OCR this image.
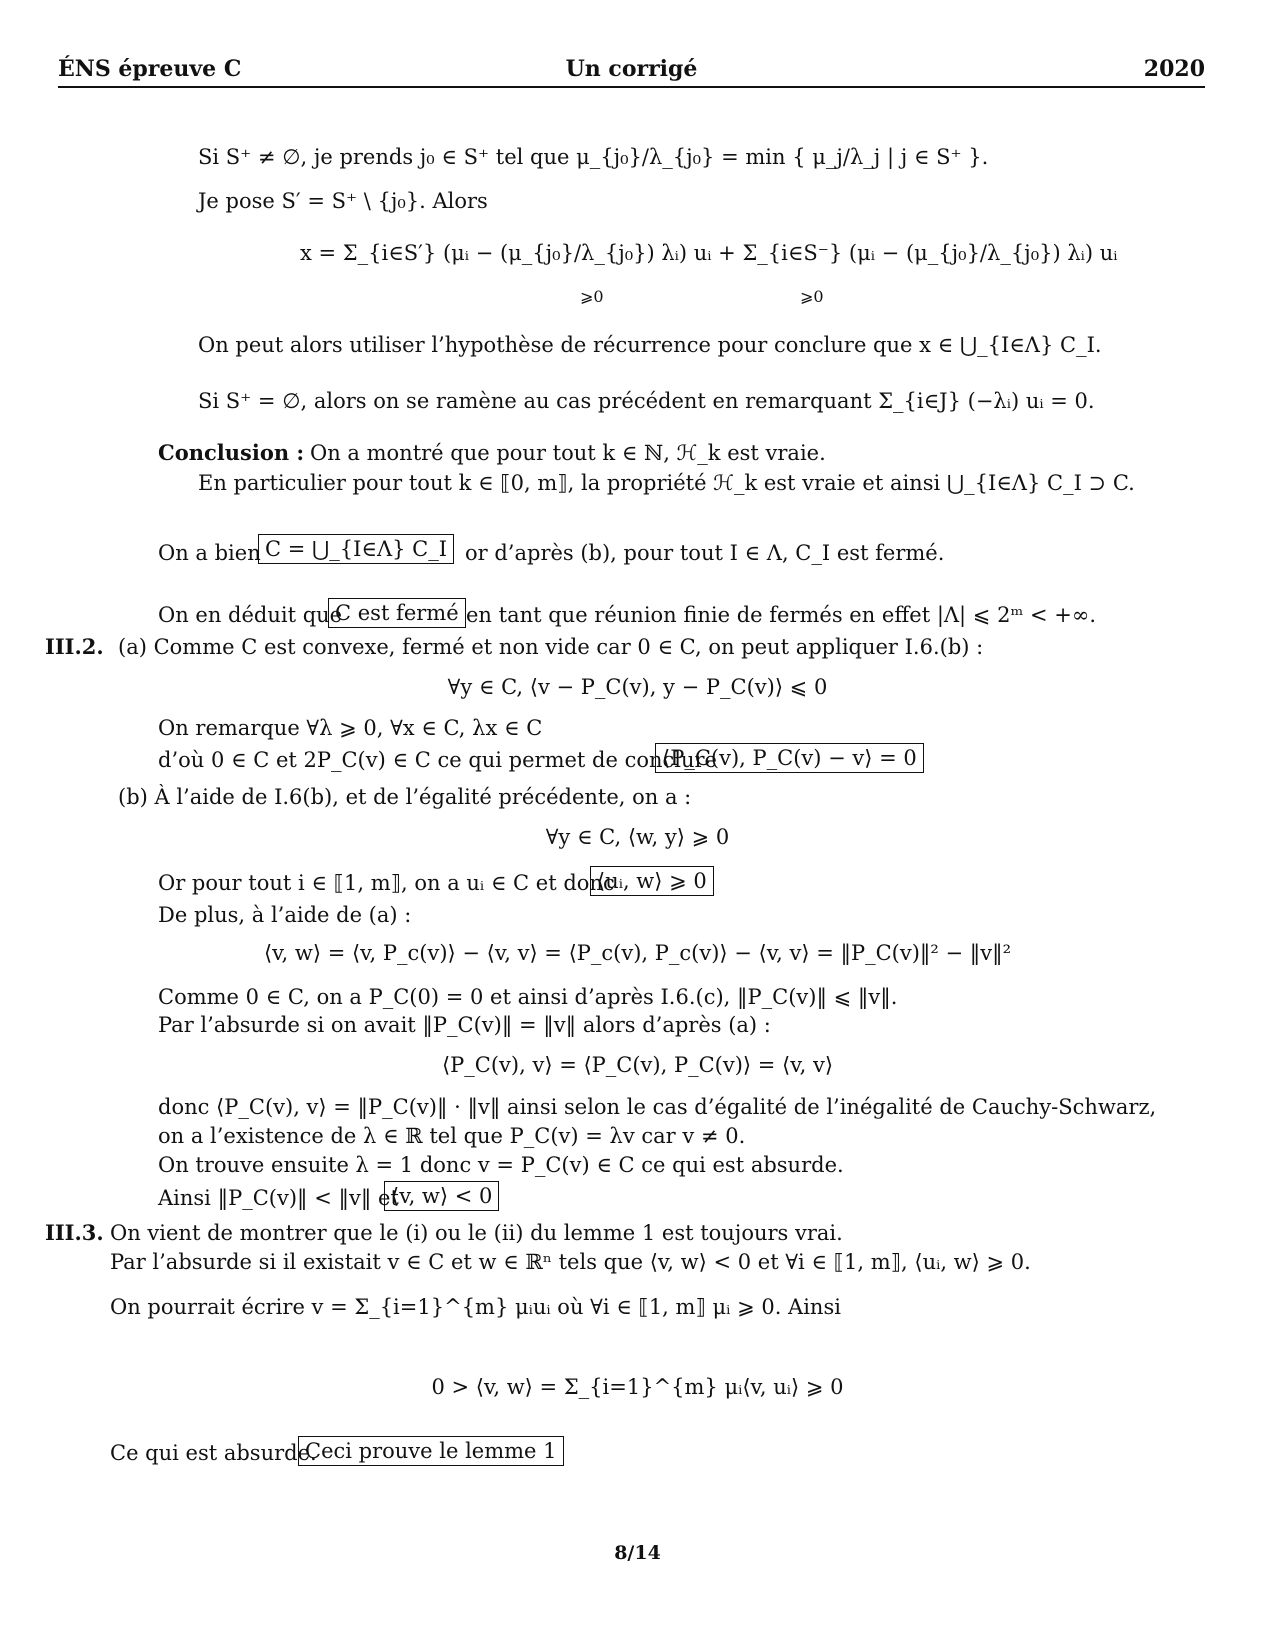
ÉNS épreuve C	Un corrigé	2020
Si S⁺ ≠ ∅, je prends j₀ ∈ S⁺ tel que μ_{j₀}/λ_{j₀} = min { μ_j/λ_j | j ∈ S⁺ }.
Je pose S′ = S⁺ \ {j₀}. Alors
x = Σ_{i∈S′} (μᵢ − (μ_{j₀}/λ_{j₀}) λᵢ) uᵢ + Σ_{i∈S⁻} (μᵢ − (μ_{j₀}/λ_{j₀}) λᵢ) uᵢ
⩾0	⩾0
On peut alors utiliser l’hypothèse de récurrence pour conclure que x ∈ ⋃_{I∈Λ} C_I.
Si S⁺ = ∅, alors on se ramène au cas précédent en remarquant Σ_{i∈J} (−λᵢ) uᵢ = 0.
Conclusion : On a montré que pour tout k ∈ ℕ, ℋ_k est vraie.
En particulier pour tout k ∈ ⟦0, m⟧, la propriété ℋ_k est vraie et ainsi ⋃_{I∈Λ} C_I ⊃ C.
On a bien C = ⋃_{I∈Λ} C_I or d’après (b), pour tout I ∈ Λ, C_I est fermé.
On en déduit que
C est fermé en tant que réunion finie de fermés en effet |Λ| ⩽ 2ᵐ < +∞.
III.2. (a) Comme C est convexe, fermé et non vide car 0 ∈ C, on peut appliquer I.6.(b) :
∀y ∈ C, ⟨v − P_C(v), y − P_C(v)⟩ ⩽ 0
On remarque ∀λ ⩾ 0, ∀x ∈ C, λx ∈ C
d’où 0 ∈ C et 2P_C(v) ∈ C ce qui permet de conclure
⟨P_C(v), P_C(v) − v⟩ = 0
(b) À l’aide de I.6(b), et de l’égalité précédente, on a :
∀y ∈ C, ⟨w, y⟩ ⩾ 0
Or pour tout i ∈ ⟦1, m⟧, on a uᵢ ∈ C et donc
⟨uᵢ, w⟩ ⩾ 0
De plus, à l’aide de (a) :
⟨v, w⟩ = ⟨v, P_c(v)⟩ − ⟨v, v⟩ = ⟨P_c(v), P_c(v)⟩ − ⟨v, v⟩ = ‖P_C(v)‖² − ‖v‖²
Comme 0 ∈ C, on a P_C(0) = 0 et ainsi d’après I.6.(c), ‖P_C(v)‖ ⩽ ‖v‖.
Par l’absurde si on avait ‖P_C(v)‖ = ‖v‖ alors d’après (a) :
⟨P_C(v), v⟩ = ⟨P_C(v), P_C(v)⟩ = ⟨v, v⟩
donc ⟨P_C(v), v⟩ = ‖P_C(v)‖ · ‖v‖ ainsi selon le cas d’égalité de l’inégalité de Cauchy-Schwarz,
on a l’existence de λ ∈ ℝ tel que P_C(v) = λv car v ≠ 0.
On trouve ensuite λ = 1 donc v = P_C(v) ∈ C ce qui est absurde.
Ainsi ‖P_C(v)‖ < ‖v‖ et
⟨v, w⟩ < 0
III.3. On vient de montrer que le (i) ou le (ii) du lemme 1 est toujours vrai.
Par l’absurde si il existait v ∈ C et w ∈ ℝⁿ tels que ⟨v, w⟩ < 0 et ∀i ∈ ⟦1, m⟧, ⟨uᵢ, w⟩ ⩾ 0.
On pourrait écrire v = Σ_{i=1}^{m} μᵢuᵢ où ∀i ∈ ⟦1, m⟧ μᵢ ⩾ 0. Ainsi
0 > ⟨v, w⟩ = Σ_{i=1}^{m} μᵢ⟨v, uᵢ⟩ ⩾ 0
Ce qui est absurde.
Ceci prouve le lemme 1
8/14
